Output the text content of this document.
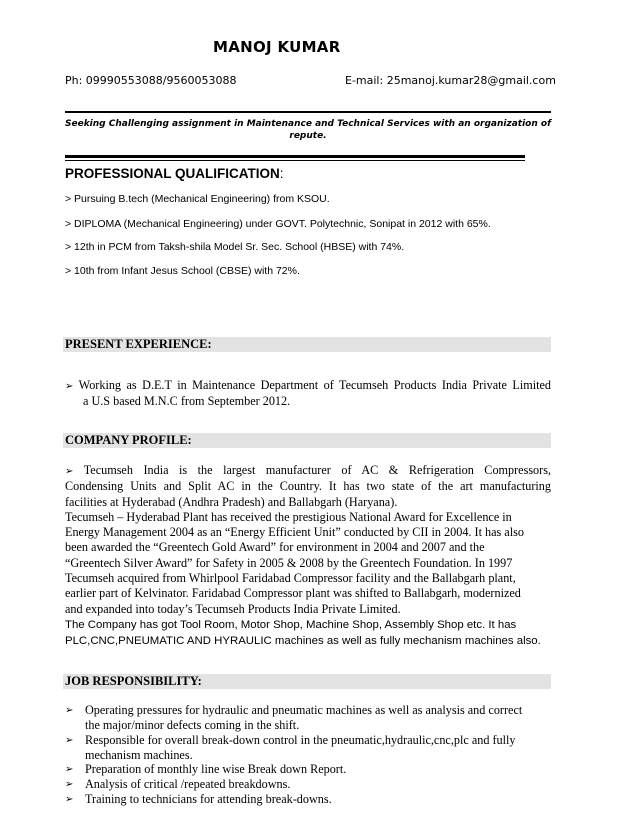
MANOJ KUMAR
Ph: 09990553088/9560053088	E-mail: 25manoj.kumar28@gmail.com
Seeking Challenging assignment in Maintenance and Technical Services with an organization of repute.
PROFESSIONAL QUALIFICATION:
> Pursuing B.tech (Mechanical Engineering) from KSOU.
> DIPLOMA (Mechanical Engineering) under GOVT. Polytechnic, Sonipat in 2012 with 65%.
> 12th in PCM from Taksh-shila Model Sr. Sec. School (HBSE) with 74%.
> 10th from Infant Jesus School (CBSE) with 72%.
PRESENT EXPERIENCE:
➢ Working as D.E.T in Maintenance Department of Tecumseh Products India Private Limited
a U.S based M.N.C from September 2012.
COMPANY PROFILE:
➢ Tecumseh India is the largest manufacturer of AC & Refrigeration Compressors,
Condensing Units and Split AC in the Country. It has two state of the art manufacturing
facilities at Hyderabad (Andhra Pradesh) and Ballabgarh (Haryana).
Tecumseh – Hyderabad Plant has received the prestigious National Award for Excellence in
Energy Management 2004 as an “Energy Efficient Unit” conducted by CII in 2004. It has also
been awarded the “Greentech Gold Award” for environment in 2004 and 2007 and the
“Greentech Silver Award” for Safety in 2005 & 2008 by the Greentech Foundation. In 1997
Tecumseh acquired from Whirlpool Faridabad Compressor facility and the Ballabgarh plant,
earlier part of Kelvinator. Faridabad Compressor plant was shifted to Ballabgarh, modernized
and expanded into today’s Tecumseh Products India Private Limited.
The Company has got Tool Room, Motor Shop, Machine Shop, Assembly Shop etc. It has
PLC,CNC,PNEUMATIC AND HYRAULIC machines as well as fully mechanism machines also.
JOB RESPONSIBILITY:
➢ Operating pressures for hydraulic and pneumatic machines as well as analysis and correct
the major/minor defects coming in the shift.
➢ Responsible for overall break-down control in the pneumatic,hydraulic,cnc,plc and fully
mechanism machines.
➢ Preparation of monthly line wise Break down Report.
➢ Analysis of critical /repeated breakdowns.
➢ Training to technicians for attending break-downs.
